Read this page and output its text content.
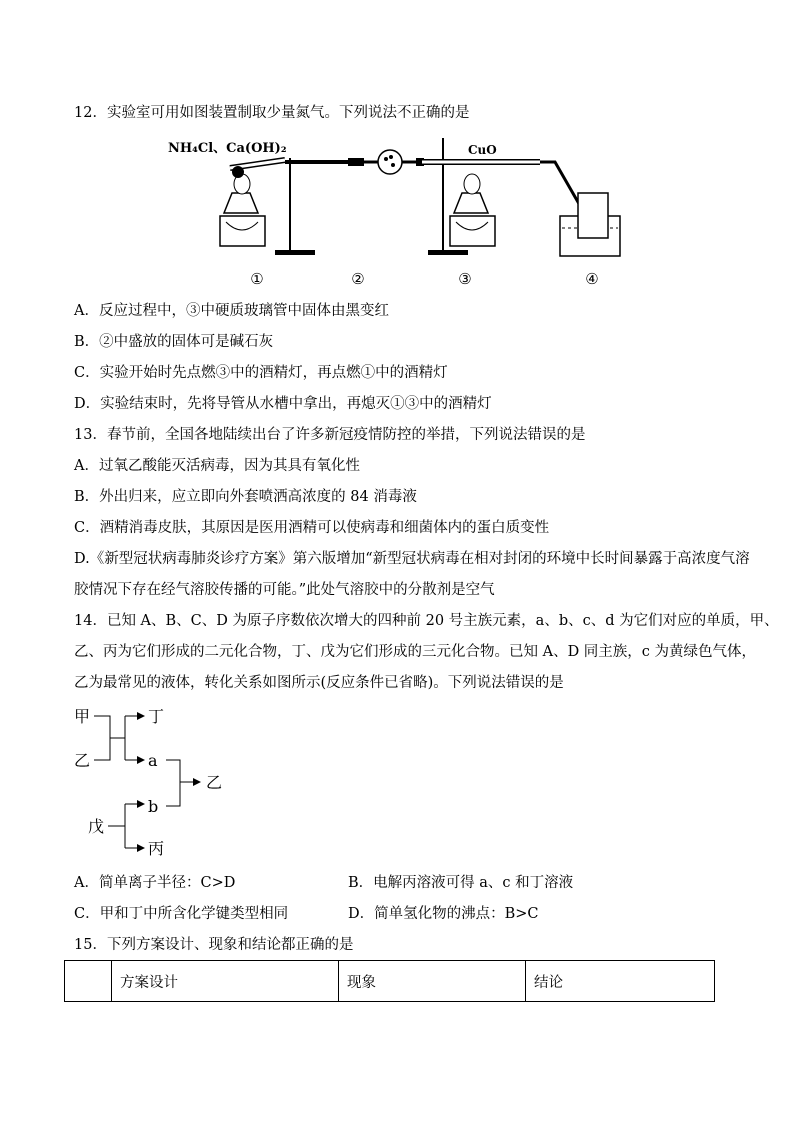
12．实验室可用如图装置制取少量氮气。下列说法不正确的是
NH₄Cl、Ca(OH)₂	CuO
①	②	③	④
A．反应过程中，③中硬质玻璃管中固体由黑变红
B．②中盛放的固体可是碱石灰
C．实验开始时先点燃③中的酒精灯，再点燃①中的酒精灯
D．实验结束时，先将导管从水槽中拿出，再熄灭①③中的酒精灯
13．春节前，全国各地陆续出台了许多新冠疫情防控的举措，下列说法错误的是
A．过氧乙酸能灭活病毒，因为其具有氧化性
B．外出归来，应立即向外套喷洒高浓度的 84 消毒液
C．酒精消毒皮肤，其原因是医用酒精可以使病毒和细菌体内的蛋白质变性
D.《新型冠状病毒肺炎诊疗方案》第六版增加“新型冠状病毒在相对封闭的环境中长时间暴露于高浓度气溶
胶情况下存在经气溶胶传播的可能。”此处气溶胶中的分散剂是空气
14．已知 A、B、C、D 为原子序数依次增大的四种前 20 号主族元素，a、b、c、d 为它们对应的单质，甲、
乙、丙为它们形成的二元化合物，丁、戊为它们形成的三元化合物。已知 A、D 同主族，c 为黄绿色气体，
乙为最常见的液体，转化关系如图所示(反应条件已省略)。下列说法错误的是
甲
乙
丁
a
乙
b
戊
丙
A．简单离子半径：C>D	B．电解丙溶液可得 a、c 和丁溶液
C．甲和丁中所含化学键类型相同	D．简单氢化物的沸点：B>C
15．下列方案设计、现象和结论都正确的是
	方案设计	现象	结论
